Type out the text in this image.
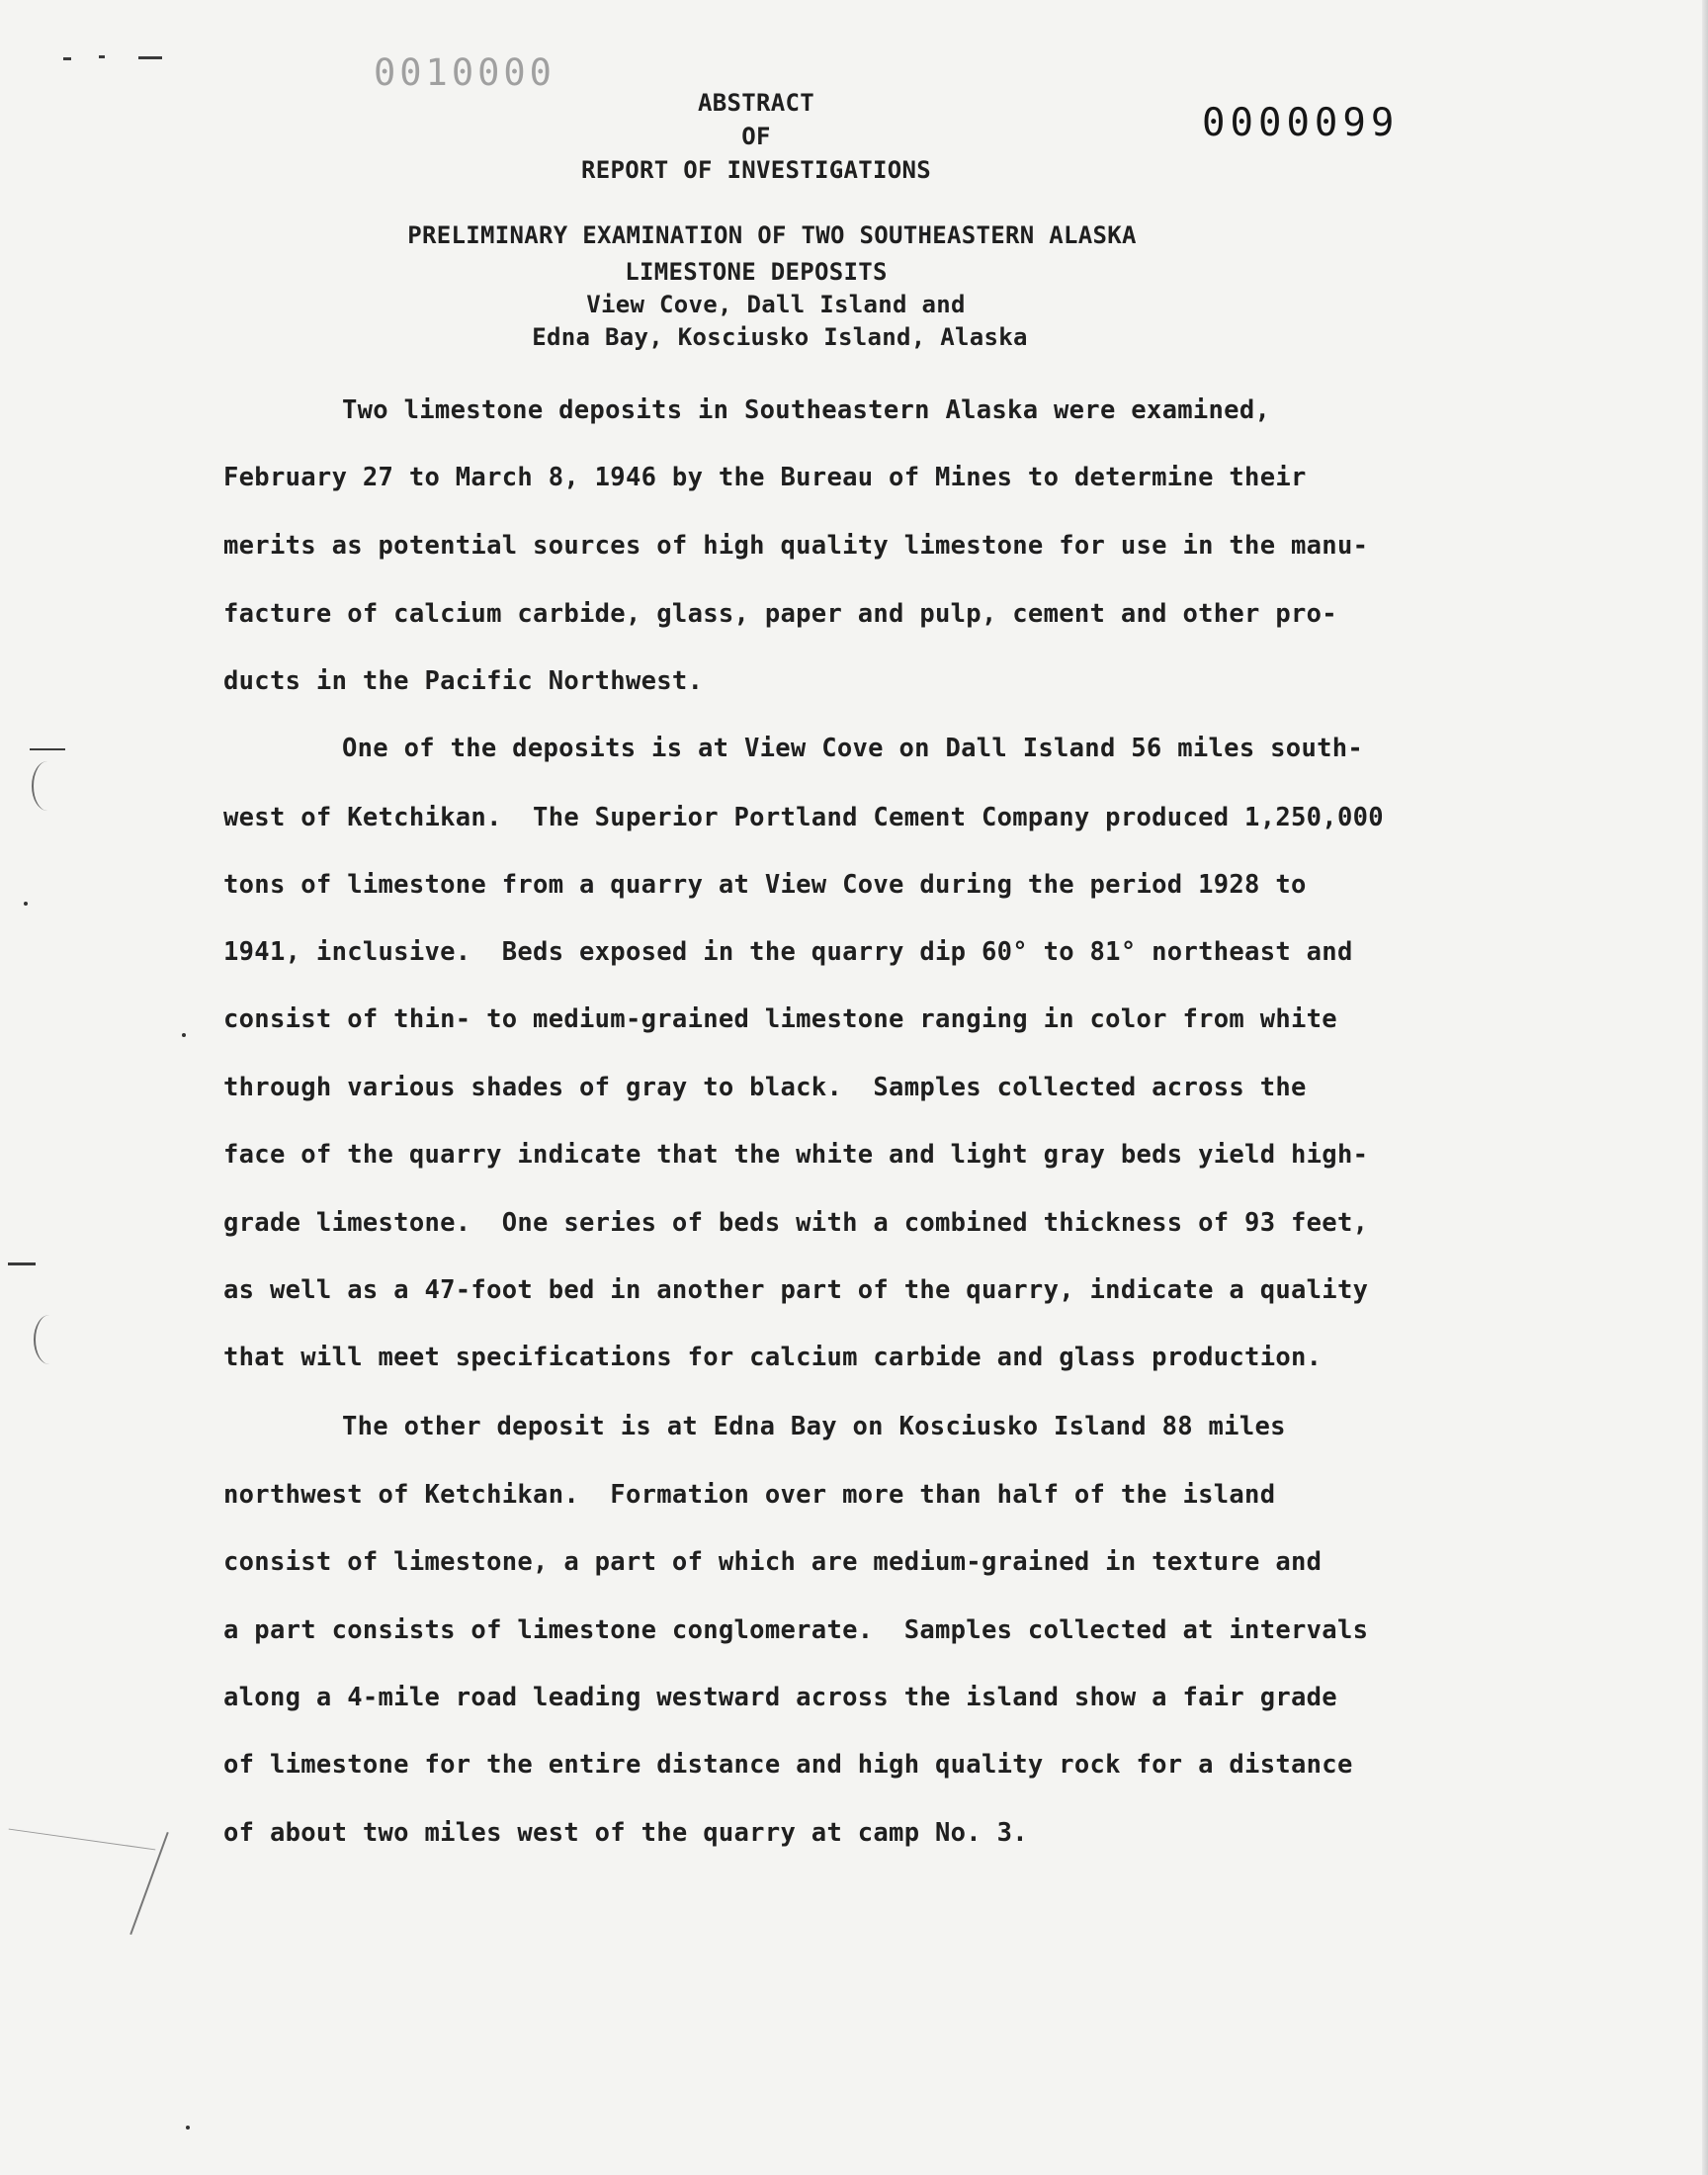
0010000
0000099
ABSTRACT
OF
REPORT OF INVESTIGATIONS
PRELIMINARY EXAMINATION OF TWO SOUTHEASTERN ALASKA
LIMESTONE DEPOSITS
View Cove, Dall Island and
Edna Bay, Kosciusko Island, Alaska
Two limestone deposits in Southeastern Alaska were examined,
February 27 to March 8, 1946 by the Bureau of Mines to determine their
merits as potential sources of high quality limestone for use in the manu-
facture of calcium carbide, glass, paper and pulp, cement and other pro-
ducts in the Pacific Northwest.
One of the deposits is at View Cove on Dall Island 56 miles south-
west of Ketchikan.  The Superior Portland Cement Company produced 1,250,000
tons of limestone from a quarry at View Cove during the period 1928 to
1941, inclusive.  Beds exposed in the quarry dip 60° to 81° northeast and
consist of thin- to medium-grained limestone ranging in color from white
through various shades of gray to black.  Samples collected across the
face of the quarry indicate that the white and light gray beds yield high-
grade limestone.  One series of beds with a combined thickness of 93 feet,
as well as a 47-foot bed in another part of the quarry, indicate a quality
that will meet specifications for calcium carbide and glass production.
The other deposit is at Edna Bay on Kosciusko Island 88 miles
northwest of Ketchikan.  Formation over more than half of the island
consist of limestone, a part of which are medium-grained in texture and
a part consists of limestone conglomerate.  Samples collected at intervals
along a 4-mile road leading westward across the island show a fair grade
of limestone for the entire distance and high quality rock for a distance
of about two miles west of the quarry at camp No. 3.
